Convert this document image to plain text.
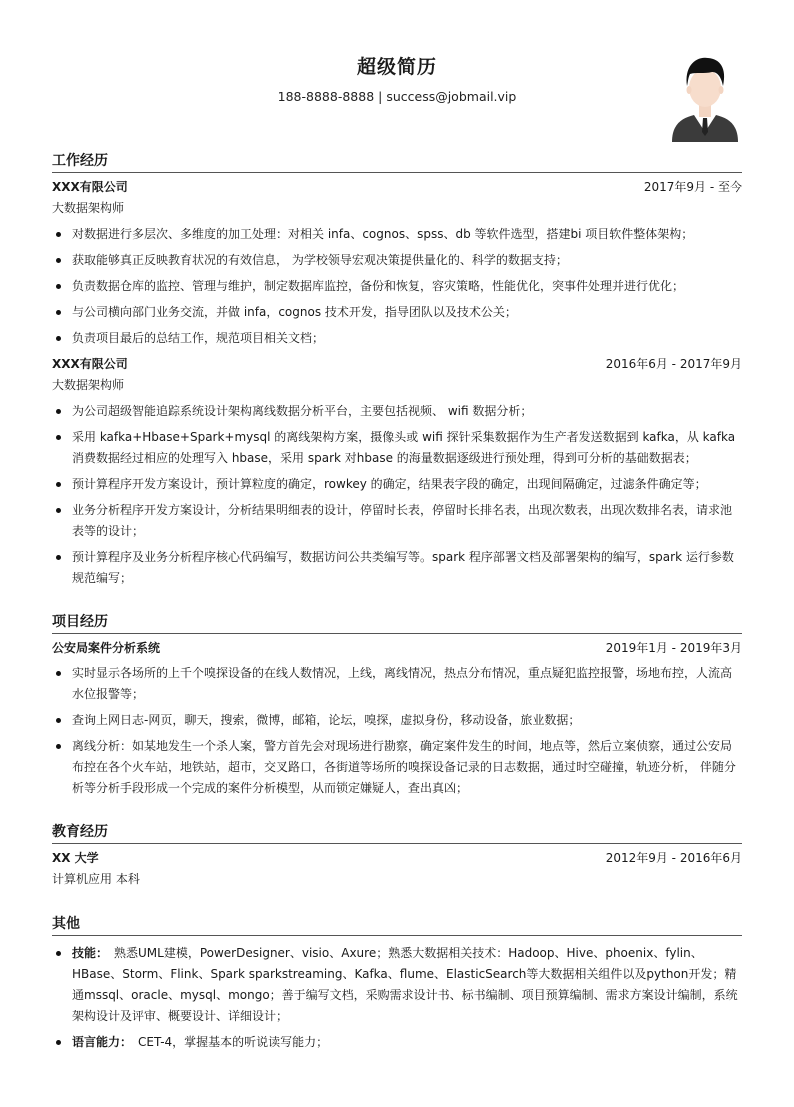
超级简历
188-8888-8888 | success@jobmail.vip
工作经历
XXX有限公司	2017年9月 - 至今
大数据架构师
对数据进行多层次、多维度的加工处理：对相关 infa、cognos、spss、db 等软件选型，搭建bi 项目软件整体架构；
获取能够真正反映教育状况的有效信息， 为学校领导宏观决策提供量化的、科学的数据支持；
负责数据仓库的监控、管理与维护，制定数据库监控，备份和恢复，容灾策略，性能优化，突事件处理并进行优化；
与公司横向部门业务交流，并做 infa，cognos 技术开发，指导团队以及技术公关；
负责项目最后的总结工作，规范项目相关文档；
XXX有限公司	2016年6月 - 2017年9月
大数据架构师
为公司超级智能追踪系统设计架构离线数据分析平台，主要包括视频、 wifi 数据分析；
采用 kafka+Hbase+Spark+mysql 的离线架构方案，摄像头或 wifi 探针采集数据作为生产者发送数据到 kafka，从 kafka 消费数据经过相应的处理写入 hbase，采用 spark 对hbase 的海量数据逐级进行预处理，得到可分析的基础数据表；
预计算程序开发方案设计，预计算粒度的确定，rowkey 的确定，结果表字段的确定，出现间隔确定，过滤条件确定等；
业务分析程序开发方案设计，分析结果明细表的设计，停留时长表，停留时长排名表，出现次数表，出现次数排名表，请求池表等的设计；
预计算程序及业务分析程序核心代码编写，数据访问公共类编写等。spark 程序部署文档及部署架构的编写，spark 运行参数规范编写；
项目经历
公安局案件分析系统	2019年1月 - 2019年3月
实时显示各场所的上千个嗅探设备的在线人数情况，上线，离线情况，热点分布情况，重点疑犯监控报警，场地布控，人流高水位报警等；
查询上网日志-网页，聊天，搜索，微博，邮箱，论坛，嗅探，虚拟身份，移动设备，旅业数据；
离线分析：如某地发生一个杀人案，警方首先会对现场进行勘察，确定案件发生的时间，地点等，然后立案侦察，通过公安局布控在各个火车站，地铁站，超市，交叉路口，各街道等场所的嗅探设备记录的日志数据，通过时空碰撞，轨迹分析， 伴随分析等分析手段形成一个完成的案件分析模型，从而锁定嫌疑人，查出真凶；
教育经历
XX 大学	2012年9月 - 2016年6月
计算机应用 本科
其他
技能： 熟悉UML建模，PowerDesigner、visio、Axure；熟悉大数据相关技术：Hadoop、Hive、phoenix、fylin、HBase、Storm、Flink、Spark sparkstreaming、Kafka、flume、ElasticSearch等大数据相关组件以及python开发；精通mssql、oracle、mysql、mongo；善于编写文档，采购需求设计书、标书编制、项目预算编制、需求方案设计编制，系统架构设计及评审、概要设计、详细设计；
语言能力： CET-4，掌握基本的听说读写能力；
